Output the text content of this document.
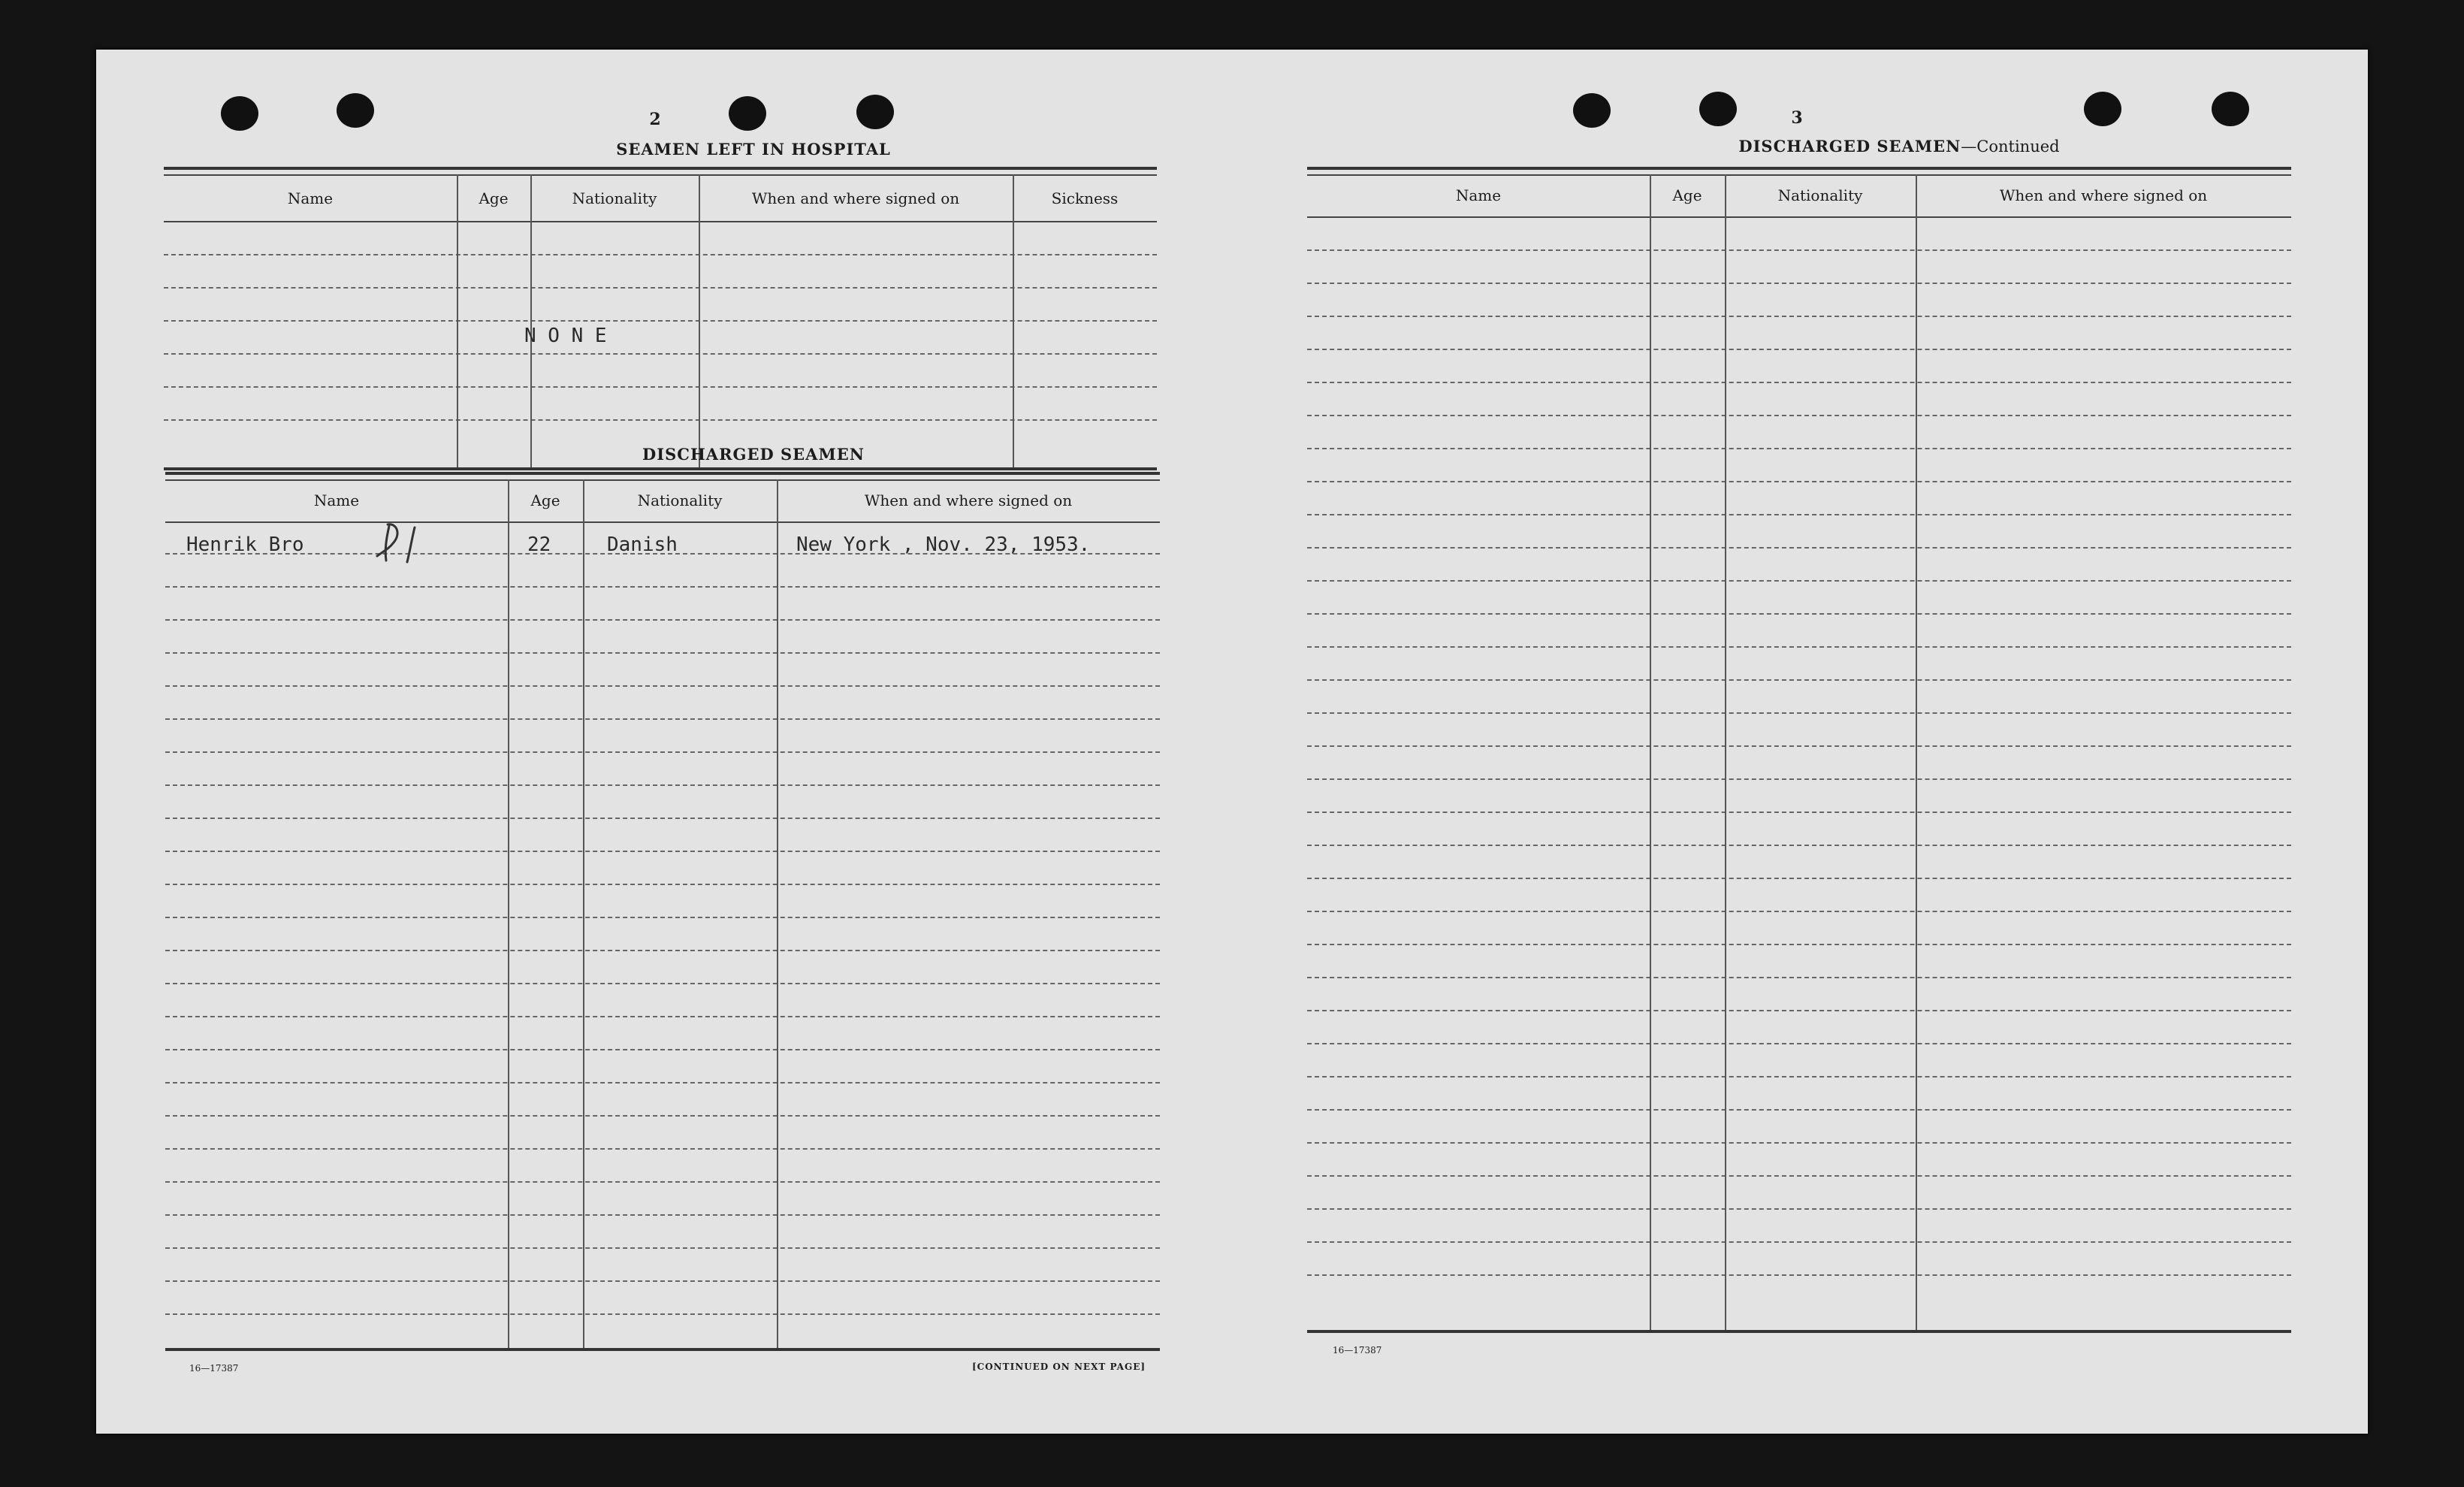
2
SEAMEN LEFT IN HOSPITAL
Name	Age	Nationality	When and where signed on	Sickness
N O N E
DISCHARGED SEAMEN
Name	Age	Nationality	When and where signed on
Henrik Bro	22	Danish	New York , Nov. 23, 1953.
16—17387	[CONTINUED ON NEXT PAGE]
3
DISCHARGED SEAMEN—Continued
Name	Age	Nationality	When and where signed on
16—17387
